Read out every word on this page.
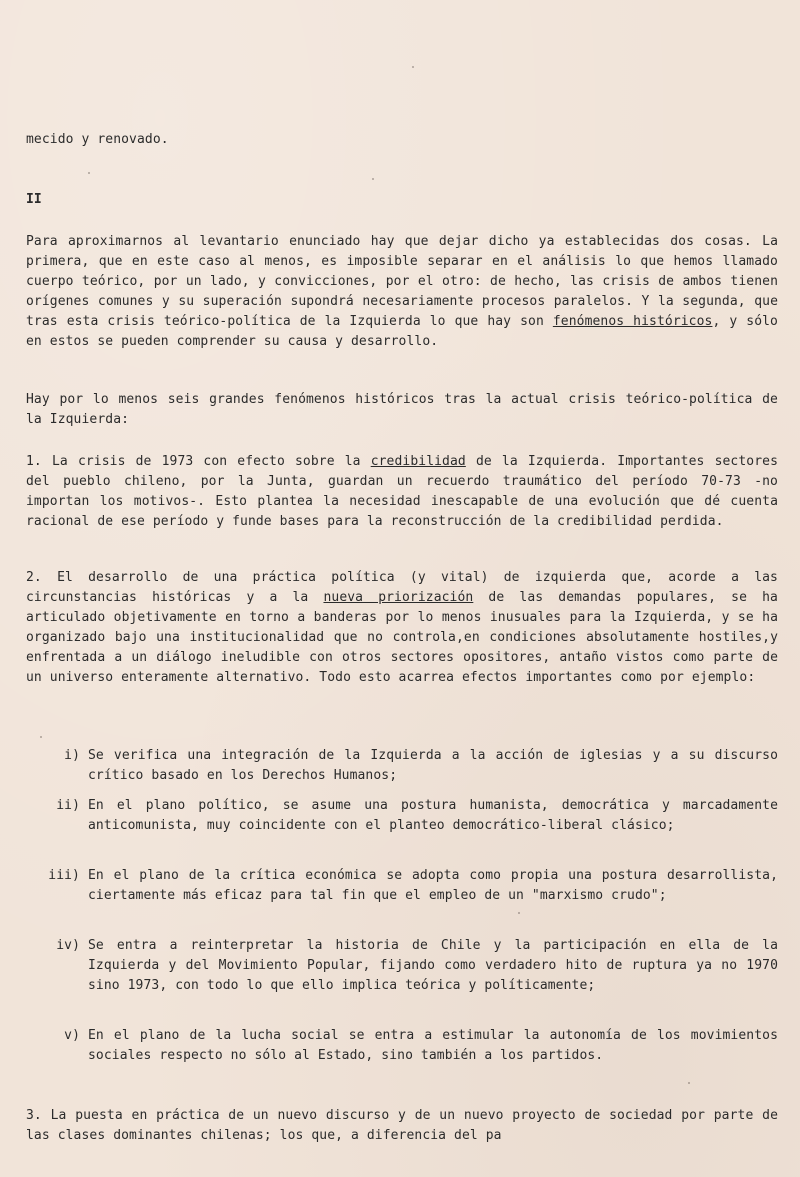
mecido y renovado.

II

Para aproximarnos al levantario enunciado hay que dejar dicho ya establecidas dos cosas. La primera, que en este caso al menos, es imposible separar en el análisis lo que hemos llamado cuerpo teórico, por un lado, y convicciones, por el otro: de hecho, las crisis de ambos tienen orígenes comunes y su superación supondrá necesariamente procesos paralelos. Y la segunda, que tras esta crisis teórico-política de la Izquierda lo que hay son fenómenos históricos, y sólo en estos se pueden comprender su causa y desarrollo.

Hay por lo menos seis grandes fenómenos históricos tras la actual crisis teórico-política de la Izquierda:

1. La crisis de 1973 con efecto sobre la credibilidad de la Izquierda. Importantes sectores del pueblo chileno, por la Junta, guardan un recuerdo traumático del período 70-73 -no importan los motivos-. Esto plantea la necesidad inescapable de una evolución que dé cuenta racional de ese período y funde bases para la reconstrucción de la credibilidad perdida.

2. El desarrollo de una práctica política (y vital) de izquierda que, acorde a las circunstancias históricas y a la nueva priorización de las demandas populares, se ha articulado objetivamente en torno a banderas por lo menos inusuales para la Izquierda, y se ha organizado bajo una institucionalidad que no controla,en condiciones absolutamente hostiles,y enfrentada a un diálogo ineludible con otros sectores opositores, antaño vistos como parte de un universo enteramente alternativo. Todo esto acarrea efectos importantes como por ejemplo:

i) Se verifica una integración de la Izquierda a la acción de iglesias y a su discurso crítico basado en los Derechos Humanos;
ii) En el plano político, se asume una postura humanista, democrática y marcadamente anticomunista, muy coincidente con el planteo democrático-liberal clásico;
iii) En el plano de la crítica económica se adopta como propia una postura desarrollista, ciertamente más eficaz para tal fin que el empleo de un "marxismo crudo";
iv) Se entra a reinterpretar la historia de Chile y la participación en ella de la Izquierda y del Movimiento Popular, fijando como verdadero hito de ruptura ya no 1970 sino 1973, con todo lo que ello implica teórica y políticamente;
v) En el plano de la lucha social se entra a estimular la autonomía de los movimientos sociales respecto no sólo al Estado, sino también a los partidos.

3. La puesta en práctica de un nuevo discurso y de un nuevo proyecto de sociedad por parte de las clases dominantes chilenas; los que, a diferencia del pa
